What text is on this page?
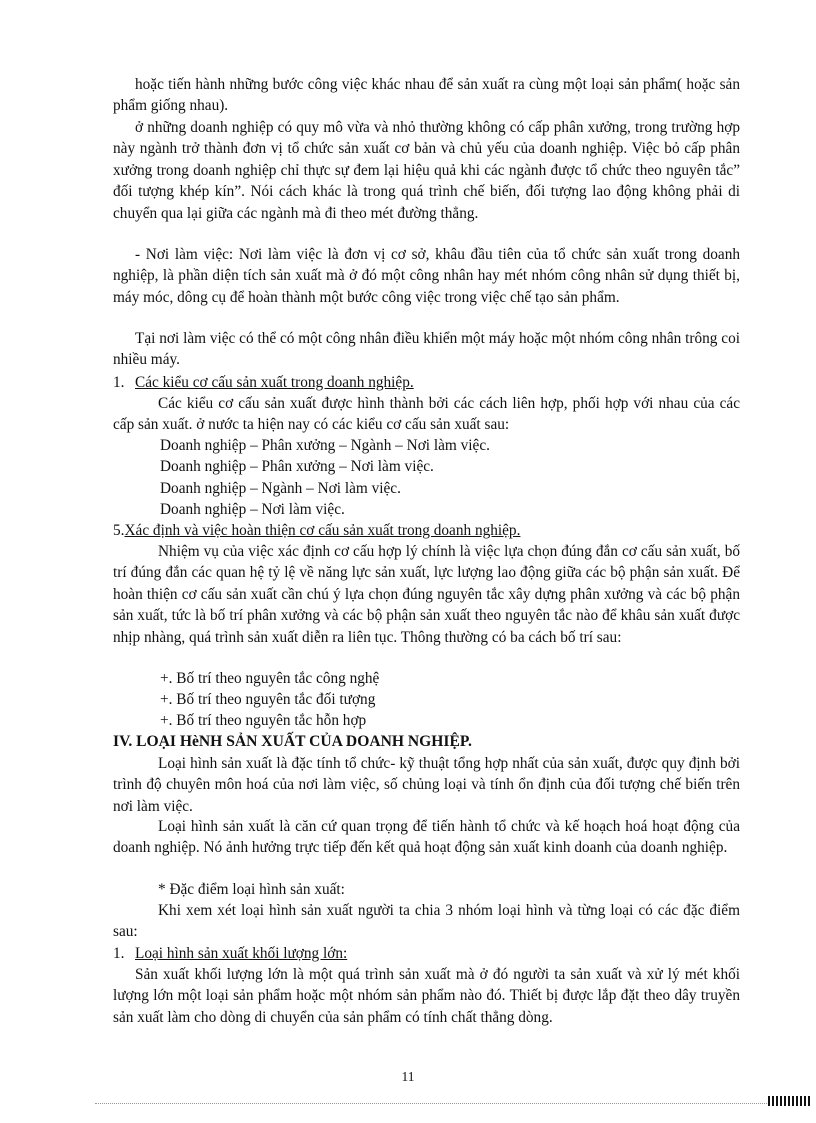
hoặc tiến hành những bước công việc khác nhau để sản xuất ra cùng một loại sản phẩm( hoặc sản phẩm giống nhau).

ở những doanh nghiệp có quy mô vừa và nhỏ thường không có cấp phân xưởng, trong trường hợp này ngành trở thành đơn vị tổ chức sản xuất cơ bản và chủ yếu của doanh nghiệp. Việc bỏ cấp phân xưởng trong doanh nghiệp chỉ thực sự đem lại hiệu quả khi các ngành được tổ chức theo nguyên tắc” đối tượng khép kín”. Nói cách khác là trong quá trình chế biến, đối tượng lao động không phải di chuyển qua lại giữa các ngành mà đi theo mét đường thẳng.

- Nơi làm việc: Nơi làm việc là đơn vị cơ sở, khâu đầu tiên của tổ chức sản xuất trong doanh nghiệp, là phần diện tích sản xuất mà ở đó một công nhân hay mét nhóm công nhân sử dụng thiết bị, máy móc, dông cụ để hoàn thành một bước công việc trong việc chế tạo sản phẩm.

Tại nơi làm việc có thể có một công nhân điều khiển một máy hoặc một nhóm công nhân trông coi nhiều máy.

1. Các kiểu cơ cấu sản xuất trong doanh nghiệp.

Các kiểu cơ cấu sản xuất được hình thành bởi các cách liên hợp, phối hợp với nhau của các cấp sản xuất. ở nước ta hiện nay có các kiểu cơ cấu sản xuất sau:

Doanh nghiệp – Phân xưởng – Ngành – Nơi làm việc.

Doanh nghiệp – Phân xưởng – Nơi làm việc.

Doanh nghiệp – Ngành – Nơi làm việc.

Doanh nghiệp – Nơi làm việc.

5.Xác định và việc hoàn thiện cơ cấu sản xuất trong doanh nghiệp.

Nhiệm vụ của việc xác định cơ cấu hợp lý chính là việc lựa chọn đúng đắn cơ cấu sản xuất, bố trí đúng đắn các quan hệ tỷ lệ về năng lực sản xuất, lực lượng lao động giữa các bộ phận sản xuất. Để hoàn thiện cơ cấu sản xuất cần chú ý lựa chọn đúng nguyên tắc xây dựng phân xưởng và các bộ phận sản xuất, tức là bố trí phân xưởng và các bộ phận sản xuất theo nguyên tắc nào để khâu sản xuất được nhịp nhàng, quá trình sản xuất diễn ra liên tục. Thông thường có ba cách bố trí sau:

+. Bố trí theo nguyên tắc công nghệ

+. Bố trí theo nguyên tắc đối tượng

+. Bố trí theo nguyên tắc hỗn hợp

IV. LOẠI HèNH SẢN XUẤT CỦA DOANH NGHIỆP.

Loại hình sản xuất là đặc tính tổ chức- kỹ thuật tổng hợp nhất của sản xuất, được quy định bởi trình độ chuyên môn hoá của nơi làm việc, số chủng loại và tính ổn định của đối tượng chế biến trên nơi làm việc.

Loại hình sản xuất là căn cứ quan trọng để tiến hành tổ chức và kế hoạch hoá hoạt động của doanh nghiệp. Nó ảnh hưởng trực tiếp đến kết quả hoạt động sản xuất kinh doanh của doanh nghiệp.

* Đặc điểm loại hình sản xuất:

Khi xem xét loại hình sản xuất người ta chia 3 nhóm loại hình và từng loại có các đặc điểm sau:

1. Loại hình sản xuất khối lượng lớn:

Sản xuất khối lượng lớn là một quá trình sản xuất mà ở đó người ta sản xuất và xử lý mét khối lượng lớn một loại sản phẩm hoặc một nhóm sản phẩm nào đó. Thiết bị được lắp đặt theo dây truyền sản xuất làm cho dòng di chuyển của sản phẩm có tính chất thẳng dòng.

11
